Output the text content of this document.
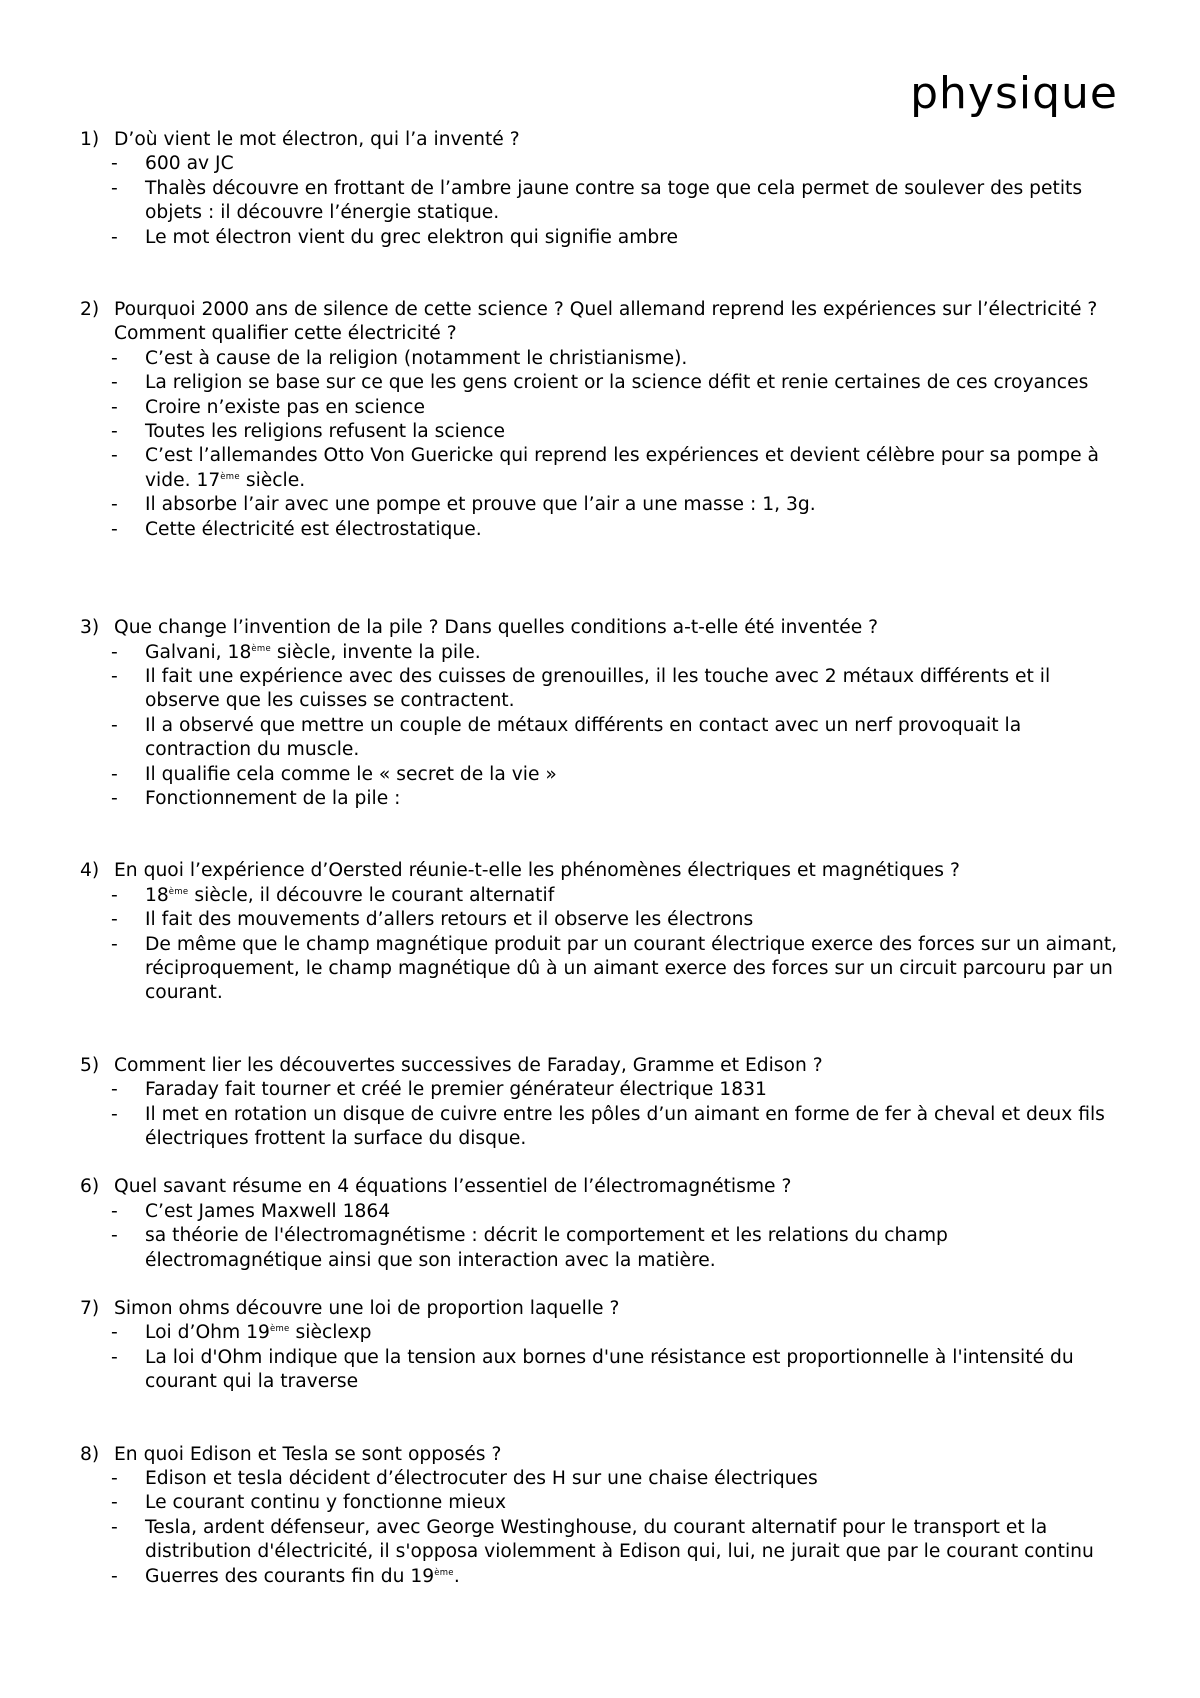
physique

1) D’où vient le mot électron, qui l’a inventé ?

- 600 av JC
- Thalès découvre en frottant de l’ambre jaune contre sa toge que cela permet de soulever des petits objets : il découvre l’énergie statique.
- Le mot électron vient du grec elektron qui signifie ambre

2) Pourquoi 2000 ans de silence de cette science ? Quel allemand reprend les expériences sur l’électricité ? Comment qualifier cette électricité ?

- C’est à cause de la religion (notamment le christianisme).
- La religion se base sur ce que les gens croient or la science défit et renie certaines de ces croyances
- Croire n’existe pas en science
- Toutes les religions refusent la science
- C’est l’allemandes Otto Von Guericke qui reprend les expériences et devient célèbre pour sa pompe à vide. 17ème siècle.
- Il absorbe l’air avec une pompe et prouve que l’air a une masse : 1, 3g.
- Cette électricité est électrostatique.

3) Que change l’invention de la pile ? Dans quelles conditions a-t-elle été inventée ?

- Galvani, 18ème siècle, invente la pile.
- Il fait une expérience avec des cuisses de grenouilles, il les touche avec 2 métaux différents et il observe que les cuisses se contractent.
- Il a observé que mettre un couple de métaux différents en contact avec un nerf provoquait la contraction du muscle.
- Il qualifie cela comme le « secret de la vie »
- Fonctionnement de la pile :

4) En quoi l’expérience d’Oersted réunie-t-elle les phénomènes électriques et magnétiques ?

- 18ème siècle, il découvre le courant alternatif
- Il fait des mouvements d’allers retours et il observe les électrons
- De même que le champ magnétique produit par un courant électrique exerce des forces sur un aimant, réciproquement, le champ magnétique dû à un aimant exerce des forces sur un circuit parcouru par un courant.

5) Comment lier les découvertes successives de Faraday, Gramme et Edison ?

- Faraday fait tourner et créé le premier générateur électrique 1831
- Il met en rotation un disque de cuivre entre les pôles d’un aimant en forme de fer à cheval et deux fils électriques frottent la surface du disque.

6) Quel savant résume en 4 équations l’essentiel de l’électromagnétisme ?

- C’est James Maxwell 1864
- sa théorie de l'électromagnétisme : décrit le comportement et les relations du champ électromagnétique ainsi que son interaction avec la matière.

7) Simon ohms découvre une loi de proportion laquelle ?

- Loi d’Ohm 19ème sièclexp
- La loi d'Ohm indique que la tension aux bornes d'une résistance est proportionnelle à l'intensité du courant qui la traverse

8) En quoi Edison et Tesla se sont opposés ?

- Edison et tesla décident d’électrocuter des H sur une chaise électriques
- Le courant continu y fonctionne mieux
- Tesla, ardent défenseur, avec George Westinghouse, du courant alternatif pour le transport et la distribution d'électricité, il s'opposa violemment à Edison qui, lui, ne jurait que par le courant continu
- Guerres des courants fin du 19ème.
